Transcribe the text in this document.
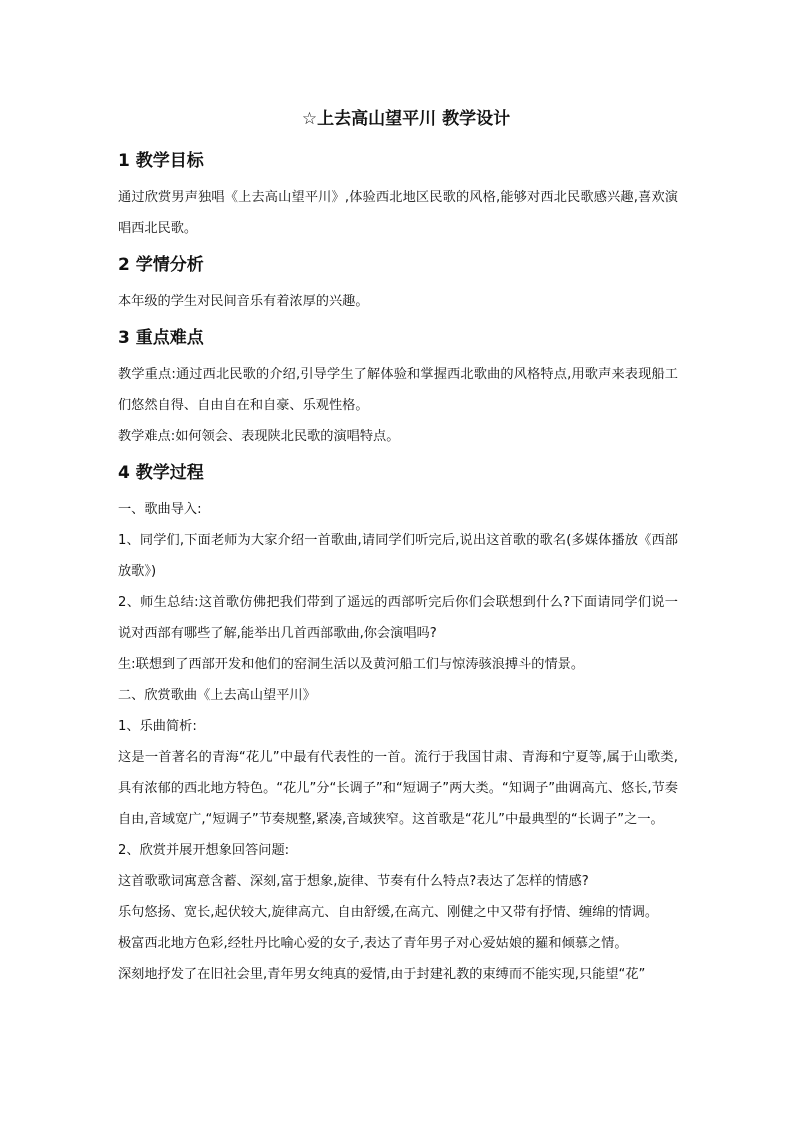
☆上去高山望平川 教学设计
1 教学目标

通过欣赏男声独唱《上去高山望平川》,体验西北地区民歌的风格,能够对西北民歌感兴趣,喜欢演唱西北民歌。

2 学情分析

本年级的学生对民间音乐有着浓厚的兴趣。

3 重点难点

教学重点:通过西北民歌的介绍,引导学生了解体验和掌握西北歌曲的风格特点,用歌声来表现船工们悠然自得、自由自在和自豪、乐观性格。

教学难点:如何领会、表现陕北民歌的演唱特点。

4 教学过程

一、歌曲导入:

1、同学们,下面老师为大家介绍一首歌曲,请同学们听完后,说出这首歌的歌名(多媒体播放《西部放歌》)

2、师生总结:这首歌仿佛把我们带到了遥远的西部听完后你们会联想到什么?下面请同学们说一说对西部有哪些了解,能举出几首西部歌曲,你会演唱吗?

生:联想到了西部开发和他们的窑洞生活以及黄河船工们与惊涛骇浪搏斗的情景。

二、欣赏歌曲《上去高山望平川》

1、乐曲简析:

这是一首著名的青海“花儿”中最有代表性的一首。流行于我国甘肃、青海和宁夏等,属于山歌类,具有浓郁的西北地方特色。“花儿”分“长调子”和“短调子”两大类。“知调子”曲调高亢、悠长,节奏自由,音域宽广,“短调子”节奏规整,紧凑,音域狭窄。这首歌是“花儿”中最典型的“长调子”之一。

2、欣赏并展开想象回答问题:

这首歌歌词寓意含蓄、深刻,富于想象,旋律、节奏有什么特点?表达了怎样的情感?

乐句悠扬、宽长,起伏较大,旋律高亢、自由舒缓,在高亢、刚健之中又带有抒情、缠绵的情调。

极富西北地方色彩,经牡丹比喻心爱的女子,表达了青年男子对心爱姑娘的羅和倾慕之情。

深刻地抒发了在旧社会里,青年男女纯真的爱情,由于封建礼教的束缚而不能实现,只能望“花”
